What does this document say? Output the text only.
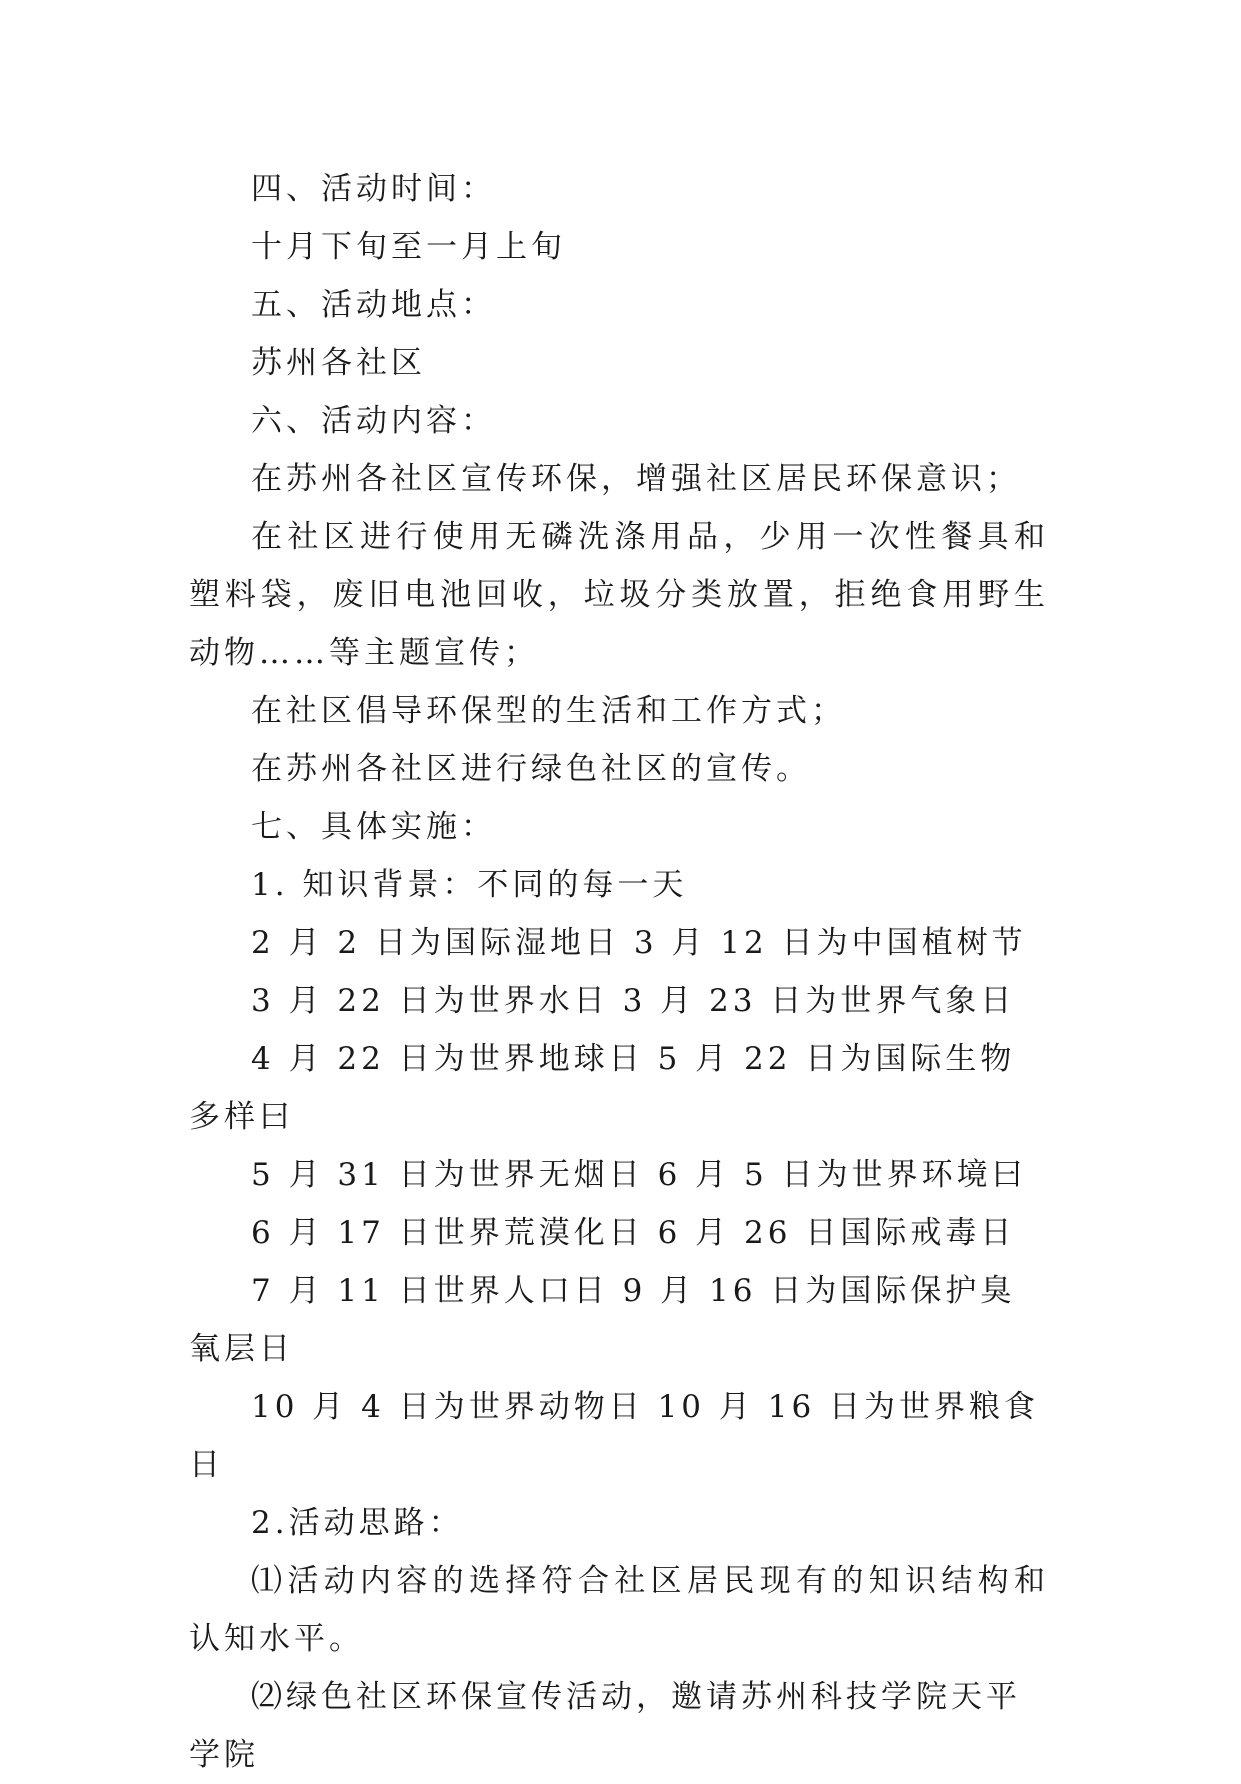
四、活动时间：

十月下旬至一月上旬

五、活动地点：

苏州各社区

六、活动内容：

在苏州各社区宣传环保，增强社区居民环保意识；

在社区进行使用无磷洗涤用品，少用一次性餐具和塑料袋，废旧电池回收，垃圾分类放置，拒绝食用野生动物……等主题宣传；

在社区倡导环保型的生活和工作方式；

在苏州各社区进行绿色社区的宣传。

七、具体实施：

1. 知识背景：不同的每一天

2 月 2 日为国际湿地日 3 月 12 日为中国植树节

3 月 22 日为世界水日 3 月 23 日为世界气象日

4 月 22 日为世界地球日 5 月 22 日为国际生物多样曰

5 月 31 日为世界无烟日 6 月 5 日为世界环境曰

6 月 17 日世界荒漠化日 6 月 26 日国际戒毒日

7 月 11 日世界人口日 9 月 16 日为国际保护臭氧层日

10 月 4 日为世界动物日 10 月 16 日为世界粮食日

2.活动思路：

⑴活动内容的选择符合社区居民现有的知识结构和认知水平。

⑵绿色社区环保宣传活动，邀请苏州科技学院天平学院
